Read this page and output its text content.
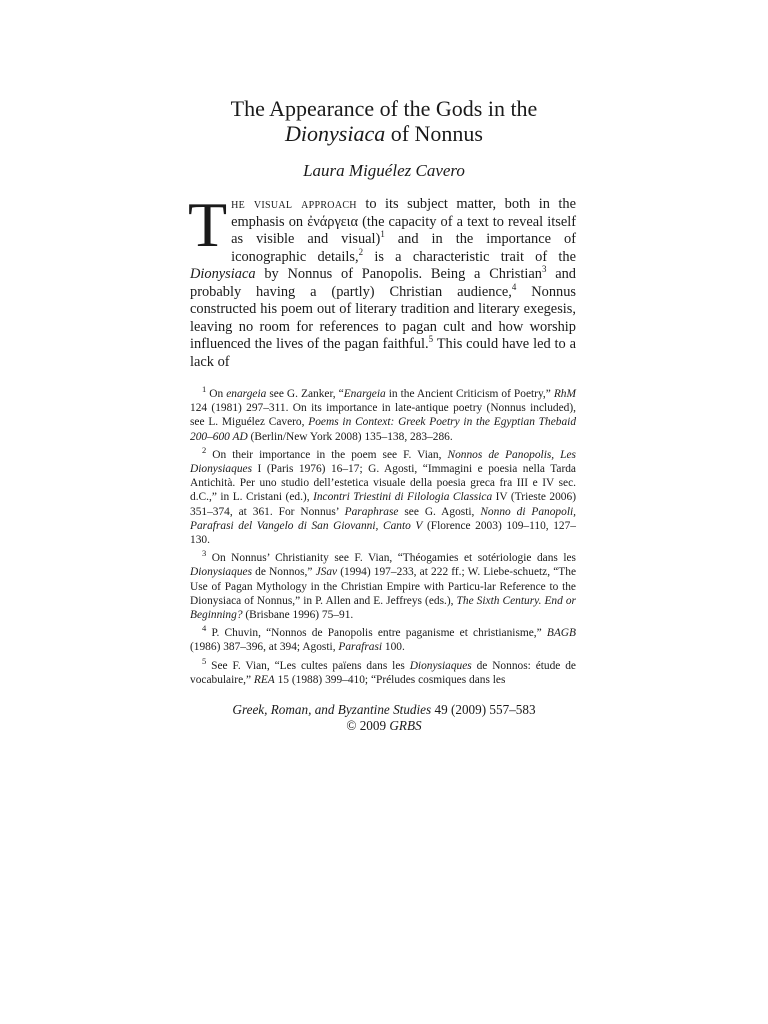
The Appearance of the Gods in the
Dionysiaca of Nonnus

Laura Miguélez Cavero

The visual approach to its subject matter, both in the emphasis on ἐνάργεια (the capacity of a text to reveal itself as visible and visual)$^1$ and in the importance of iconographic details,$^2$ is a characteristic trait of the Dionysiaca by Nonnus of Panopolis. Being a Christian$^3$ and probably having a (partly) Christian audience,$^4$ Nonnus constructed his poem out of literary tradition and literary exegesis, leaving no room for references to pagan cult and how worship influenced the lives of the pagan faithful.$^5$ This could have led to a lack of

$^1$ On enargeia see G. Zanker, “Enargeia in the Ancient Criticism of Poetry,” RhM 124 (1981) 297–311. On its importance in late-antique poetry (Nonnus included), see L. Miguélez Cavero, Poems in Context: Greek Poetry in the Egyptian Thebaid 200–600 AD (Berlin/New York 2008) 135–138, 283–286.

$^2$ On their importance in the poem see F. Vian, Nonnos de Panopolis, Les Dionysiaques I (Paris 1976) 16–17; G. Agosti, “Immagini e poesia nella Tarda Antichità. Per uno studio dell’estetica visuale della poesia greca fra III e IV sec. d.C.,” in L. Cristani (ed.), Incontri Triestini di Filologia Classica IV (Trieste 2006) 351–374, at 361. For Nonnus’ Paraphrase see G. Agosti, Nonno di Panopoli, Parafrasi del Vangelo di San Giovanni, Canto V (Florence 2003) 109–110, 127–130.

$^3$ On Nonnus’ Christianity see F. Vian, “Théogamies et sotériologie dans les Dionysiaques de Nonnos,” JSav (1994) 197–233, at 222 ff.; W. Liebe-schuetz, “The Use of Pagan Mythology in the Christian Empire with Particu-lar Reference to the Dionysiaca of Nonnus,” in P. Allen and E. Jeffreys (eds.), The Sixth Century. End or Beginning? (Brisbane 1996) 75–91.

$^4$ P. Chuvin, “Nonnos de Panopolis entre paganisme et christianisme,” BAGB (1986) 387–396, at 394; Agosti, Parafrasi 100.

$^5$ See F. Vian, “Les cultes païens dans les Dionysiaques de Nonnos: étude de vocabulaire,” REA 15 (1988) 399–410; “Préludes cosmiques dans les

Greek, Roman, and Byzantine Studies 49 (2009) 557–583
© 2009 GRBS
